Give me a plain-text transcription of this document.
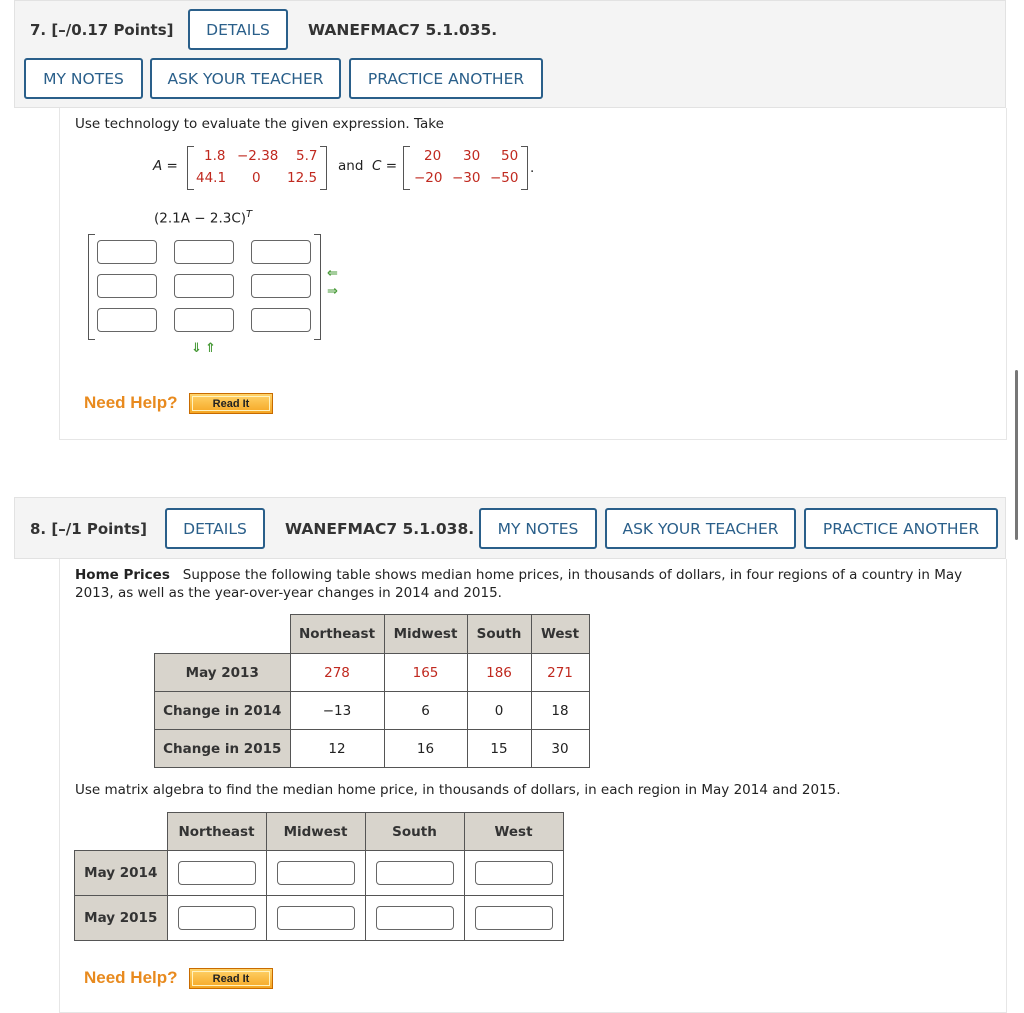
7. [–/0.17 Points]	DETAILS	WANEFMAC7 5.1.035.
MY NOTES	ASK YOUR TEACHER	PRACTICE ANOTHER
Use technology to evaluate the given expression. Take
A =
1.8 −2.38 5.7
44.1 0 12.5
and C =
20 30 50
−20 −30 −50
.
$(2.1A - 2.3C)^T$
⇐
⇒
⇓ ⇑
Need Help?	Read It
8. [–/1 Points]	DETAILS	WANEFMAC7 5.1.038.	MY NOTES	ASK YOUR TEACHER	PRACTICE ANOTHER
Home Prices Suppose the following table shows median home prices, in thousands of dollars, in four regions of a country in May 2013, as well as the year-over-year changes in 2014 and 2015.
	Northeast	Midwest	South	West
May 2013	278	165	186	271
Change in 2014	−13	6	0	18
Change in 2015	12	16	15	30
Use matrix algebra to find the median home price, in thousands of dollars, in each region in May 2014 and 2015.
	Northeast	Midwest	South	West
May 2014	

May 2015	

Need Help?	Read It
